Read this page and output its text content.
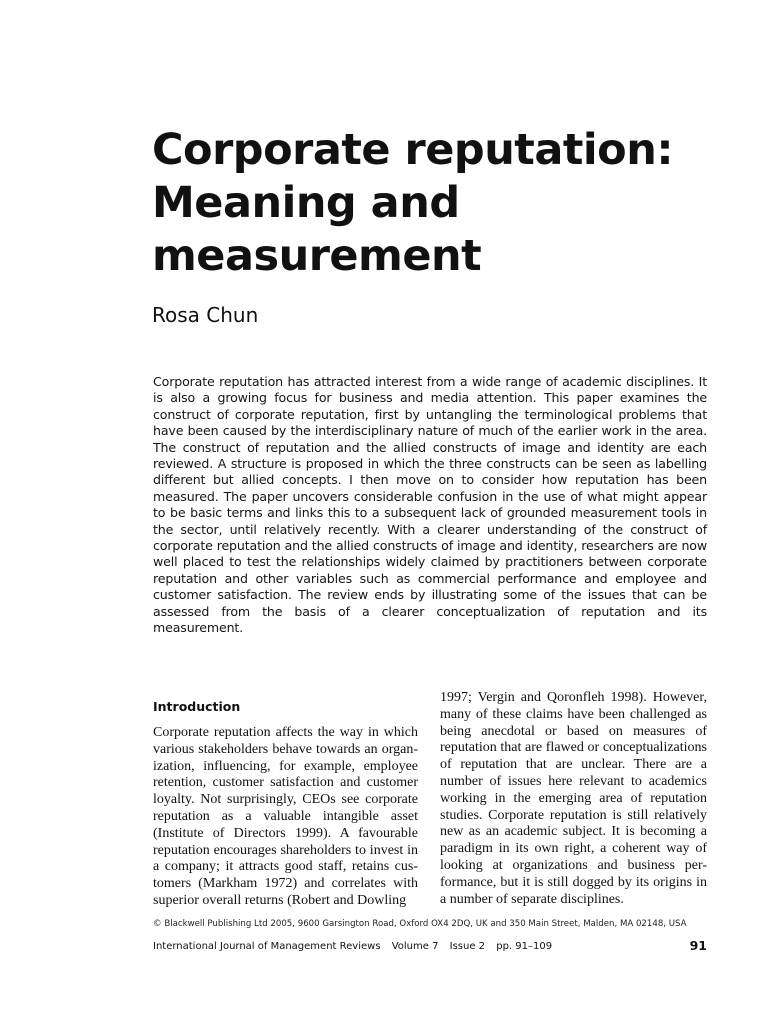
Corporate reputation: Meaning and measurement
Rosa Chun

Corporate reputation has attracted interest from a wide range of academic disciplines. It is also a growing focus for business and media attention. This paper examines the construct of corporate reputation, first by untangling the terminological problems that have been caused by the interdisciplinary nature of much of the earlier work in the area. The construct of reputation and the allied constructs of image and identity are each reviewed. A structure is proposed in which the three constructs can be seen as labelling different but allied concepts. I then move on to consider how reputation has been measured. The paper uncovers considerable confusion in the use of what might appear to be basic terms and links this to a subsequent lack of grounded measurement tools in the sector, until relatively recently. With a clearer understanding of the construct of corporate reputation and the allied constructs of image and identity, researchers are now well placed to test the relationships widely claimed by practitioners between corporate reputation and other variables such as commercial performance and employee and customer satisfaction. The review ends by illustrating some of the issues that can be assessed from the basis of a clearer conceptualization of reputation and its measurement.

Introduction

Corporate reputation affects the way in which various stakeholders behave towards an organ-ization, influencing, for example, employee retention, customer satisfaction and customer loyalty. Not surprisingly, CEOs see corporate reputation as a valuable intangible asset (Institute of Directors 1999). A favourable reputation encourages shareholders to invest in a company; it attracts good staff, retains cus-tomers (Markham 1972) and correlates with superior overall returns (Robert and Dowling

1997; Vergin and Qoronfleh 1998). However, many of these claims have been challenged as being anecdotal or based on measures of reputation that are flawed or conceptualizations of reputation that are unclear. There are a number of issues here relevant to academics working in the emerging area of reputation studies. Corporate reputation is still relatively new as an academic subject. It is becoming a paradigm in its own right, a coherent way of looking at organizations and business per-formance, but it is still dogged by its origins in a number of separate disciplines.

© Blackwell Publishing Ltd 2005, 9600 Garsington Road, Oxford OX4 2DQ, UK and 350 Main Street, Malden, MA 02148, USA
International Journal of Management Reviews Volume 7 Issue 2 pp. 91–109	91
